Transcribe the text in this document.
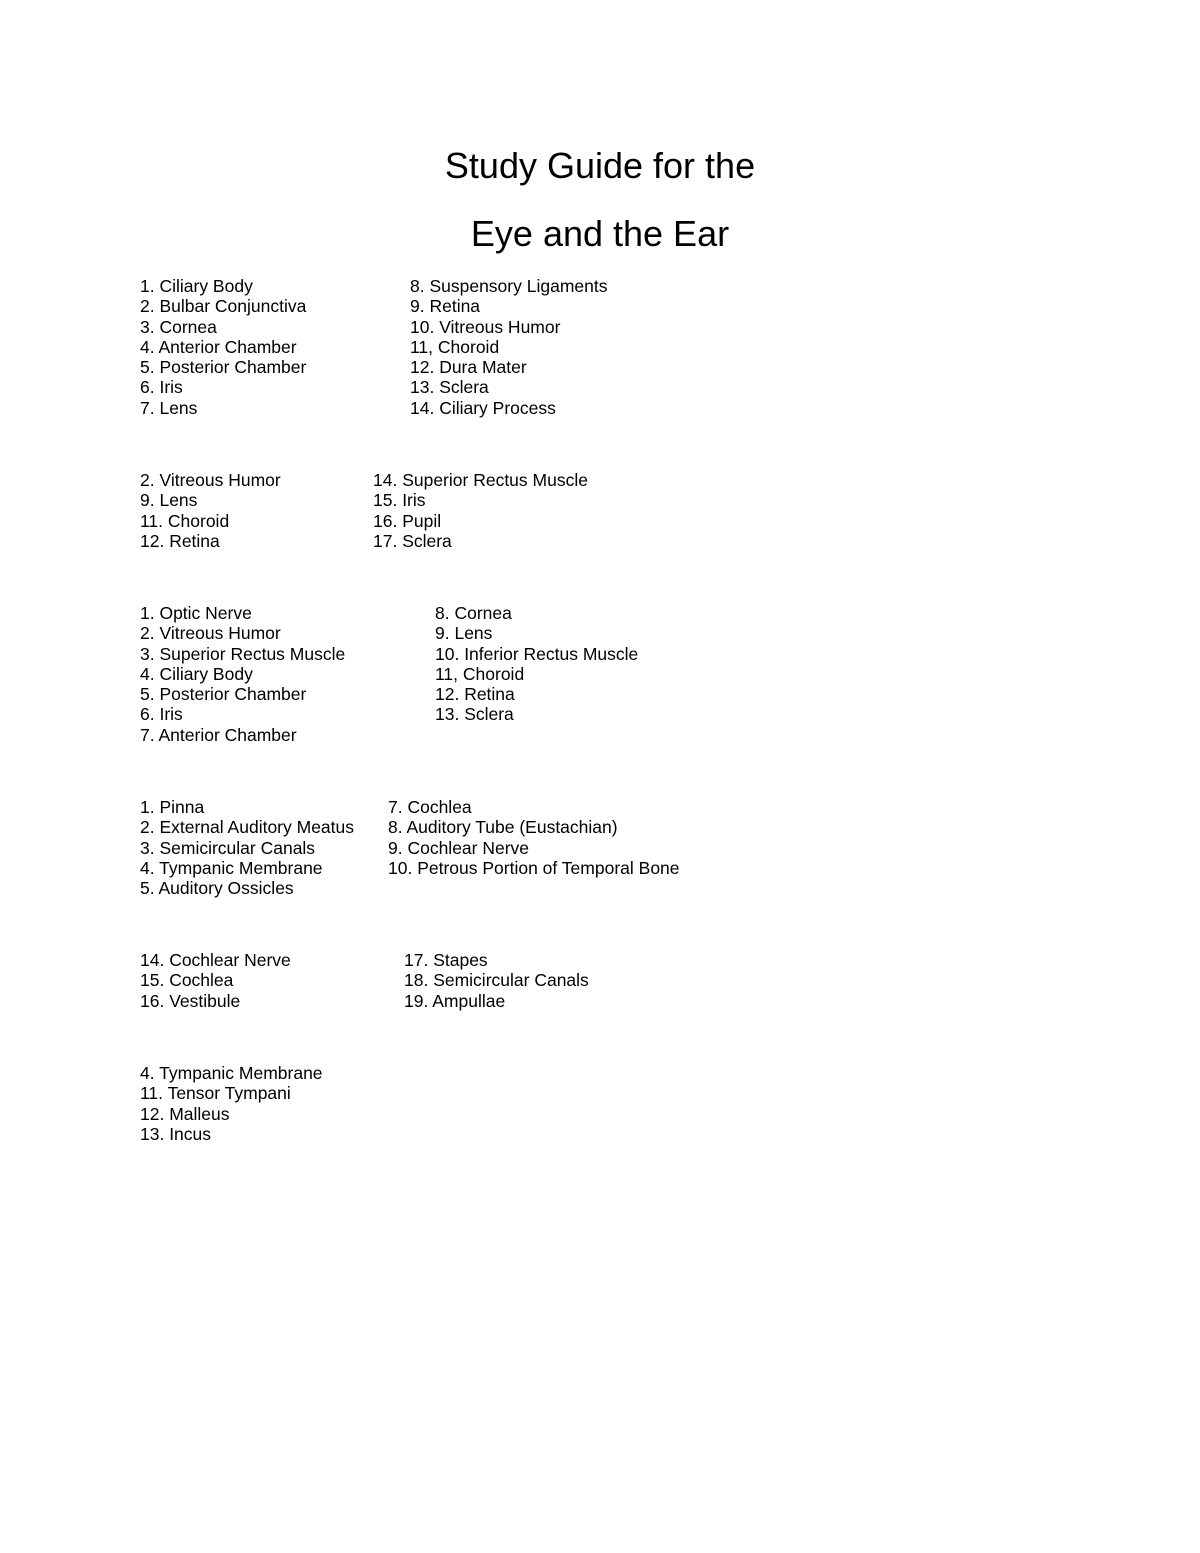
Study Guide for the
Eye and the Ear
1. Ciliary Body
2. Bulbar Conjunctiva
3. Cornea
4. Anterior Chamber
5. Posterior Chamber
6. Iris
7. Lens
8. Suspensory Ligaments
9. Retina
10. Vitreous Humor
11, Choroid
12. Dura Mater
13. Sclera
14. Ciliary Process
2. Vitreous Humor
9. Lens
11. Choroid
12. Retina
14. Superior Rectus Muscle
15. Iris
16. Pupil
17. Sclera
1. Optic Nerve
2. Vitreous Humor
3. Superior Rectus Muscle
4. Ciliary Body
5. Posterior Chamber
6. Iris
7. Anterior Chamber
8. Cornea
9. Lens
10. Inferior Rectus Muscle
11, Choroid
12. Retina
13. Sclera
1. Pinna
2. External Auditory Meatus
3. Semicircular Canals
4. Tympanic Membrane
5. Auditory Ossicles
7. Cochlea
8. Auditory Tube (Eustachian)
9. Cochlear Nerve
10. Petrous Portion of Temporal Bone
14. Cochlear Nerve
15. Cochlea
16. Vestibule
17. Stapes
18. Semicircular Canals
19. Ampullae
4. Tympanic Membrane
11. Tensor Tympani
12. Malleus
13. Incus
